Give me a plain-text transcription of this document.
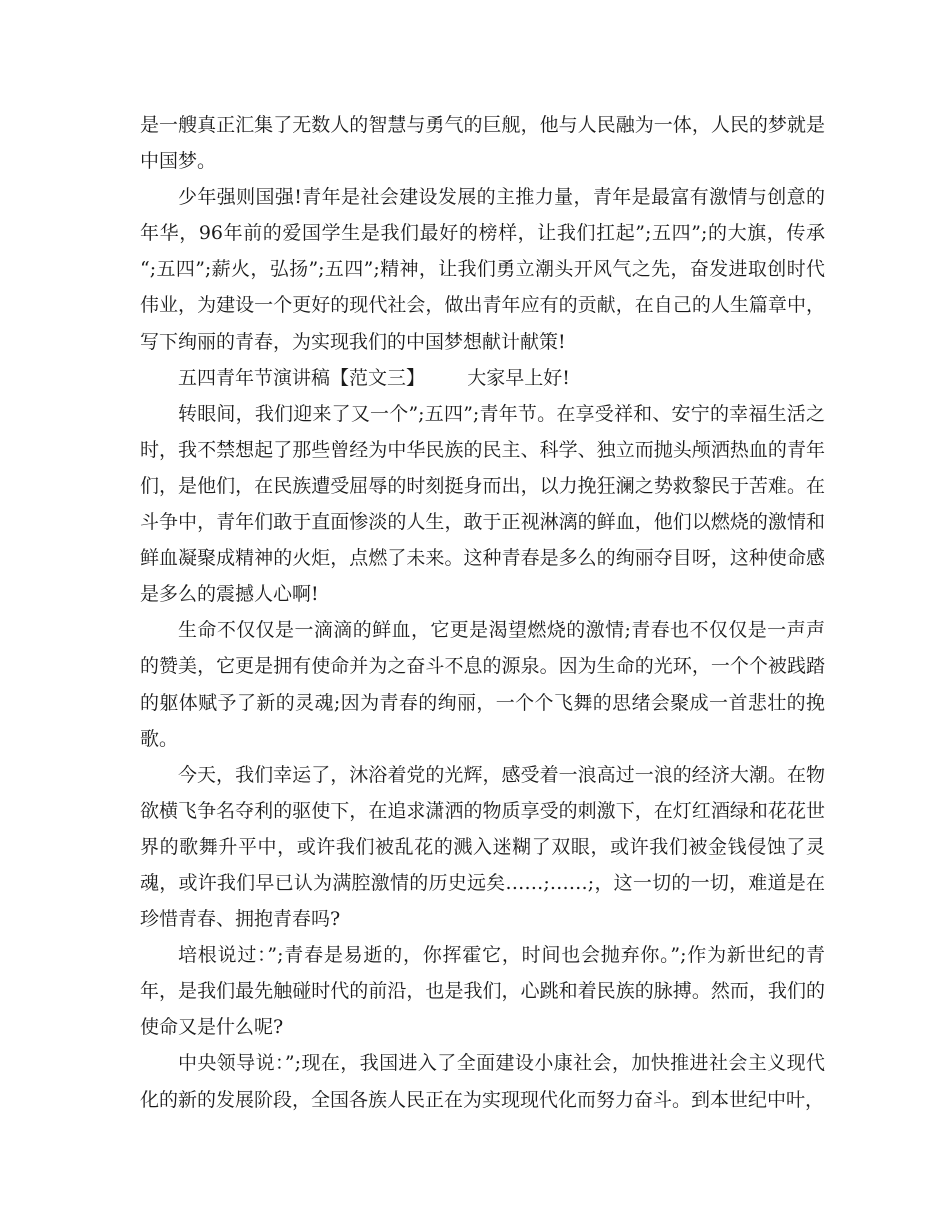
是一艘真正汇集了无数人的智慧与勇气的巨舰，他与人民融为一体，人民的梦就是中国梦。

少年强则国强!青年是社会建设发展的主推力量，青年是最富有激情与创意的年华，96年前的爱国学生是我们最好的榜样，让我们扛起”;五四”;的大旗，传承 “;五四”;薪火，弘扬”;五四”;精神，让我们勇立潮头开风气之先，奋发进取创时代伟业，为建设一个更好的现代社会，做出青年应有的贡献，在自己的人生篇章中，写下绚丽的青春，为实现我们的中国梦想献计献策!

五四青年节演讲稿【范文三】       大家早上好!

转眼间，我们迎来了又一个”;五四”;青年节。在享受祥和、安宁的幸福生活之时，我不禁想起了那些曾经为中华民族的民主、科学、独立而抛头颅洒热血的青年们，是他们，在民族遭受屈辱的时刻挺身而出，以力挽狂澜之势救黎民于苦难。在斗争中，青年们敢于直面惨淡的人生，敢于正视淋漓的鲜血，他们以燃烧的激情和鲜血凝聚成精神的火炬，点燃了未来。这种青春是多么的绚丽夺目呀，这种使命感是多么的震撼人心啊!

生命不仅仅是一滴滴的鲜血，它更是渴望燃烧的激情;青春也不仅仅是一声声的赞美，它更是拥有使命并为之奋斗不息的源泉。因为生命的光环，一个个被践踏的躯体赋予了新的灵魂;因为青春的绚丽，一个个飞舞的思绪会聚成一首悲壮的挽歌。

今天，我们幸运了，沐浴着党的光辉，感受着一浪高过一浪的经济大潮。在物欲横飞争名夺利的驱使下，在追求潇洒的物质享受的刺激下，在灯红酒绿和花花世界的歌舞升平中，或许我们被乱花的溅入迷糊了双眼，或许我们被金钱侵蚀了灵魂，或许我们早已认为满腔激情的历史远矣……;……;，这一切的一切，难道是在珍惜青春、拥抱青春吗?

培根说过：”;青春是易逝的，你挥霍它，时间也会抛弃你。”;作为新世纪的青年，是我们最先触碰时代的前沿，也是我们，心跳和着民族的脉搏。然而，我们的使命又是什么呢?

中央领导说：”;现在，我国进入了全面建设小康社会，加快推进社会主义现代化的新的发展阶段，全国各族人民正在为实现现代化而努力奋斗。到本世纪中叶，
